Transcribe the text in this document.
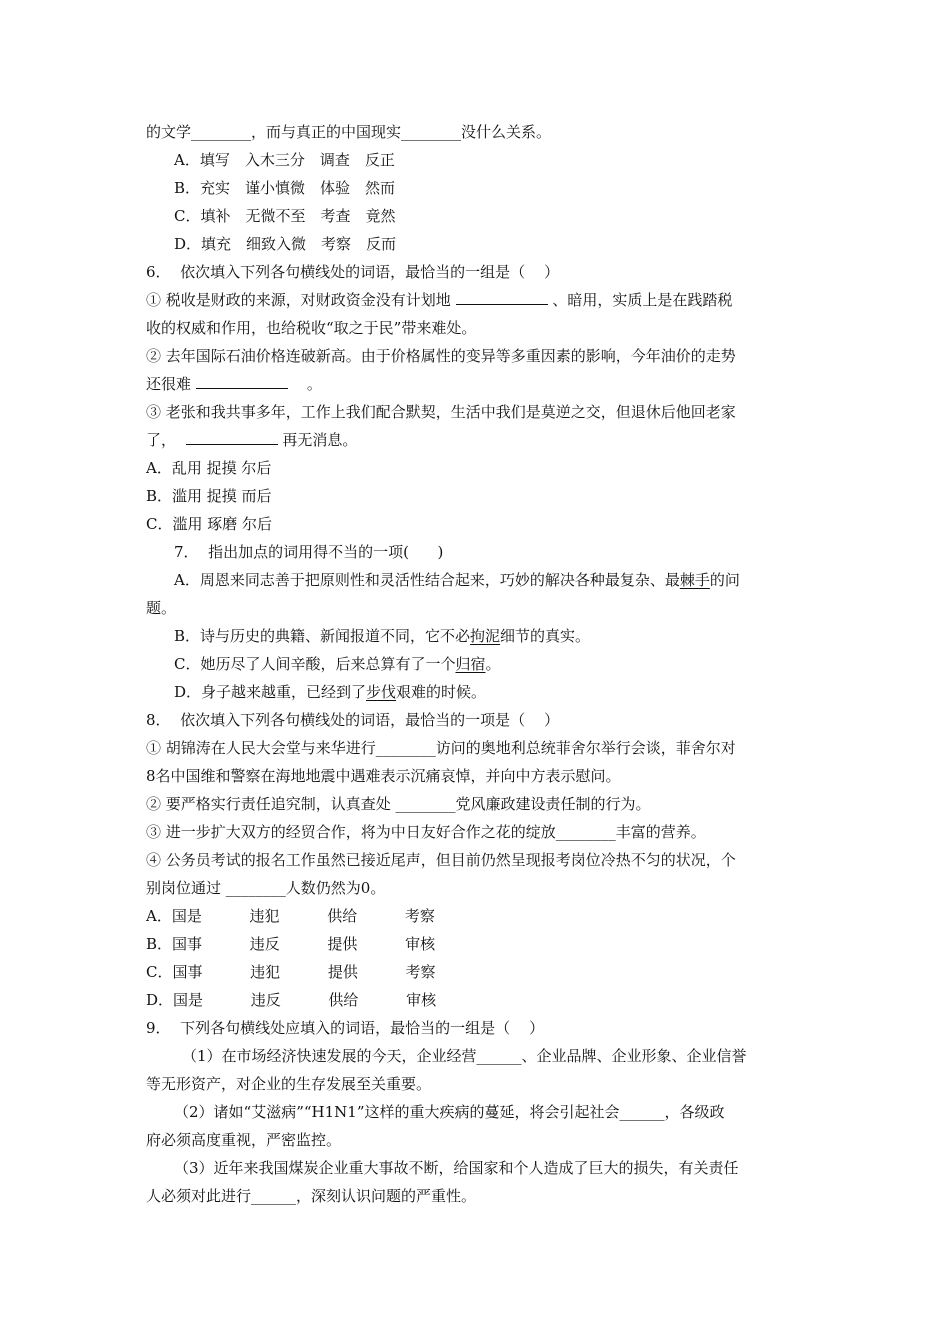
的文学________，而与真正的中国现实________没什么关系。
A．填写　入木三分　调查　反正
B．充实　谨小慎微　体验　然而
C．填补　无微不至　考查　竟然
D．填充　细致入微　考察　反而
6．  依次填入下列各句横线处的词语，最恰当的一组是（    ）
① 税收是财政的来源，对财政资金没有计划地	、暗用，实质上是在践踏税
收的权威和作用，也给税收“取之于民”带来难处。
② 去年国际石油价格连破新高。由于价格属性的变异等多重因素的影响，今年油价的走势
还很难	。
③ 老张和我共事多年，工作上我们配合默契，生活中我们是莫逆之交，但退休后他回老家
了，	再无消息。
A．乱用 捉摸 尔后
B．滥用 捉摸 而后
C．滥用 琢磨 尔后
7．  指出加点的词用得不当的一项(      )
A．周恩来同志善于把原则性和灵活性结合起来，巧妙的解决各种最复杂、最棘手的问
题。
B．诗与历史的典籍、新闻报道不同，它不必拘泥细节的真实。
C．她历尽了人间辛酸，后来总算有了一个归宿。
D．身子越来越重，已经到了步伐艰难的时候。
8．  依次填入下列各句横线处的词语，最恰当的一项是（    ）
① 胡锦涛在人民大会堂与来华进行________访问的奥地利总统菲舍尔举行会谈，菲舍尔对
8名中国维和警察在海地地震中遇难表示沉痛哀悼，并向中方表示慰问。
② 要严格实行责任追究制，认真查处 ________党风廉政建设责任制的行为。
③ 进一步扩大双方的经贸合作，将为中日友好合作之花的绽放________丰富的营养。
④ 公务员考试的报名工作虽然已接近尾声，但目前仍然呈现报考岗位冷热不匀的状况，个
别岗位通过 ________人数仍然为0。
A．国是          违犯          供给          考察
B．国事          违反          提供          审核
C．国事          违犯          提供          考察
D．国是          违反          供给          审核
9．  下列各句横线处应填入的词语，最恰当的一组是（    ）
（1）在市场经济快速发展的今天，企业经营______、企业品牌、企业形象、企业信誉
等无形资产，对企业的生存发展至关重要。
（2）诸如“艾滋病”“H1N1”这样的重大疾病的蔓延，将会引起社会______，各级政
府必须高度重视，严密监控。
（3）近年来我国煤炭企业重大事故不断，给国家和个人造成了巨大的损失，有关责任
人必须对此进行______，深刻认识问题的严重性。
